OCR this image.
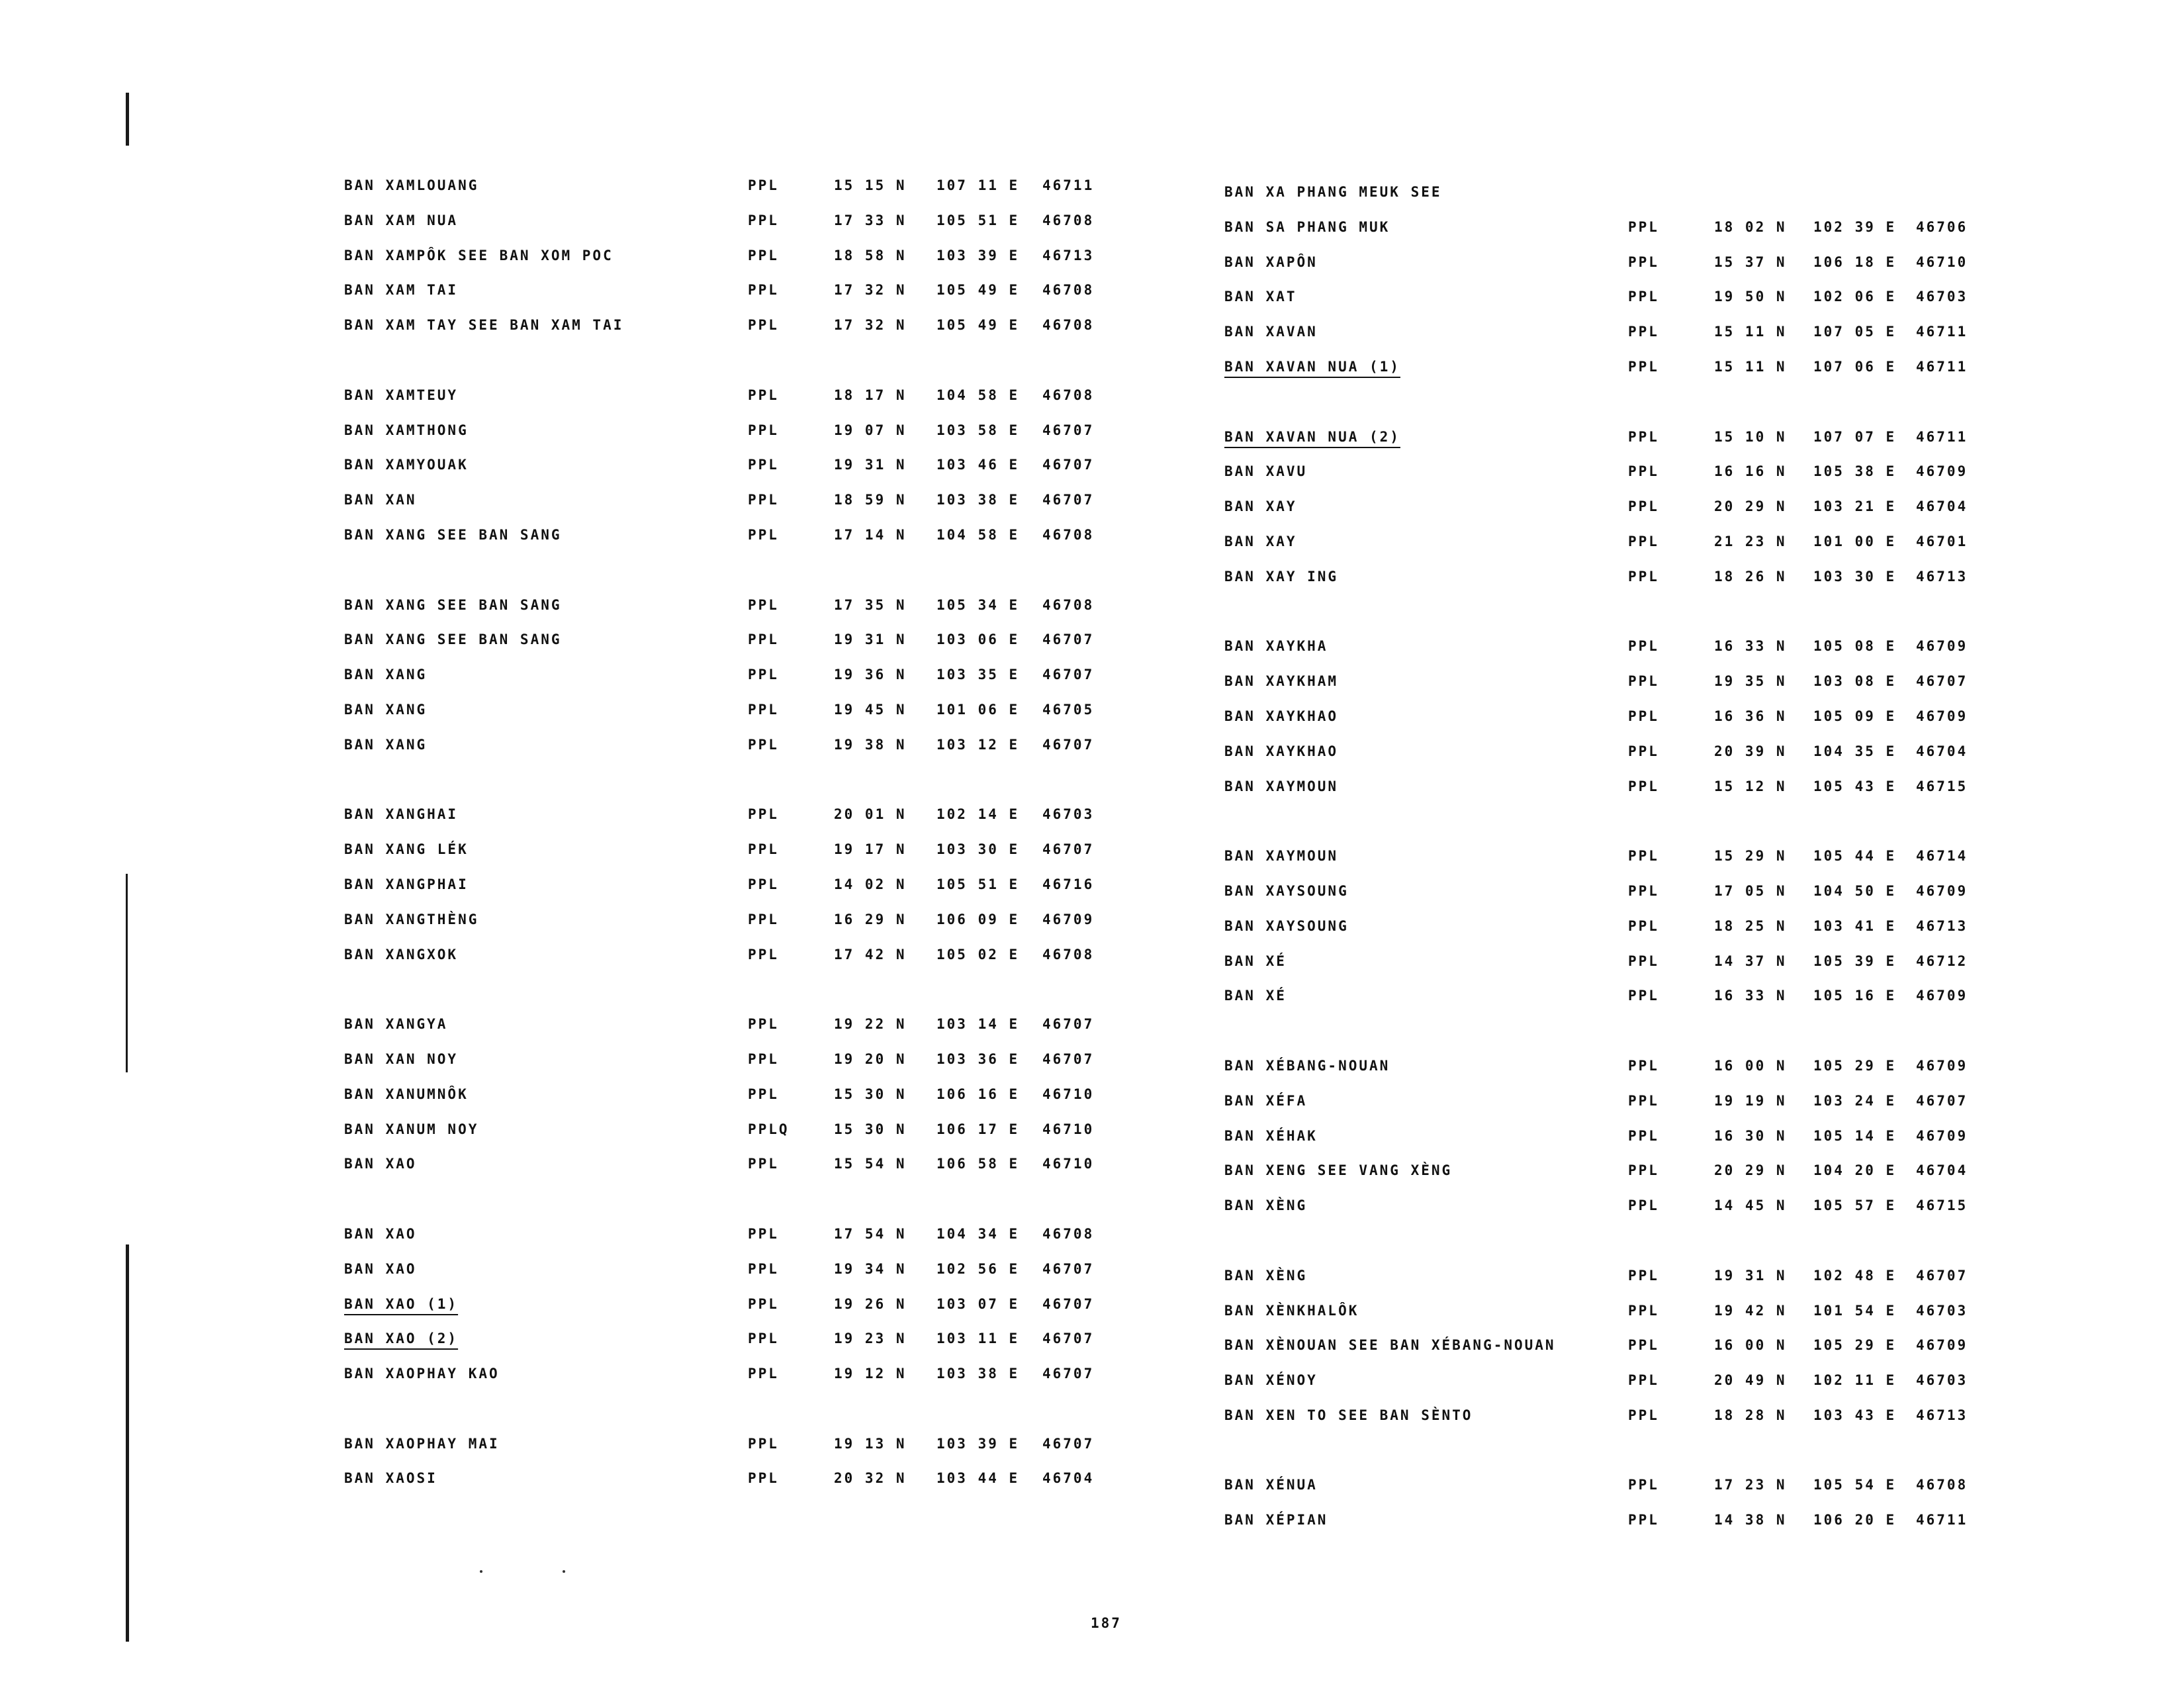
BAN XAMLOUANG	PPL	15 15 N 107 11 E 46711
BAN XAM NUA	PPL	17 33 N 105 51 E 46708
BAN XAMPÔK SEE BAN XOM POC	PPL	18 58 N 103 39 E 46713
BAN XAM TAI	PPL	17 32 N 105 49 E 46708
BAN XAM TAY SEE BAN XAM TAI	PPL	17 32 N 105 49 E 46708
BAN XAMTEUY	PPL	18 17 N 104 58 E 46708
BAN XAMTHONG	PPL	19 07 N 103 58 E 46707
BAN XAMYOUAK	PPL	19 31 N 103 46 E 46707
BAN XAN	PPL	18 59 N 103 38 E 46707
BAN XANG SEE BAN SANG	PPL	17 14 N 104 58 E 46708
BAN XANG SEE BAN SANG	PPL	17 35 N 105 34 E 46708
BAN XANG SEE BAN SANG	PPL	19 31 N 103 06 E 46707
BAN XANG	PPL	19 36 N 103 35 E 46707
BAN XANG	PPL	19 45 N 101 06 E 46705
BAN XANG	PPL	19 38 N 103 12 E 46707
BAN XANGHAI	PPL	20 01 N 102 14 E 46703
BAN XANG LÉK	PPL	19 17 N 103 30 E 46707
BAN XANGPHAI	PPL	14 02 N 105 51 E 46716
BAN XANGTHÈNG	PPL	16 29 N 106 09 E 46709
BAN XANGXOK	PPL	17 42 N 105 02 E 46708
BAN XANGYA	PPL	19 22 N 103 14 E 46707
BAN XAN NOY	PPL	19 20 N 103 36 E 46707
BAN XANUMNÔK	PPL	15 30 N 106 16 E 46710
BAN XANUM NOY	PPLQ	15 30 N 106 17 E 46710
BAN XAO	PPL	15 54 N 106 58 E 46710
BAN XAO	PPL	17 54 N 104 34 E 46708
BAN XAO	PPL	19 34 N 102 56 E 46707
BAN XAO (1)	PPL	19 26 N 103 07 E 46707
BAN XAO (2)	PPL	19 23 N 103 11 E 46707
BAN XAOPHAY KAO	PPL	19 12 N 103 38 E 46707
BAN XAOPHAY MAI	PPL	19 13 N 103 39 E 46707
BAN XAOSI	PPL	20 32 N 103 44 E 46704
BAN XA PHANG MEUK SEE
BAN SA PHANG MUK	PPL	18 02 N 102 39 E 46706
BAN XAPÔN	PPL	15 37 N 106 18 E 46710
BAN XAT	PPL	19 50 N 102 06 E 46703
BAN XAVAN	PPL	15 11 N 107 05 E 46711
BAN XAVAN NUA (1)	PPL	15 11 N 107 06 E 46711
BAN XAVAN NUA (2)	PPL	15 10 N 107 07 E 46711
BAN XAVU	PPL	16 16 N 105 38 E 46709
BAN XAY	PPL	20 29 N 103 21 E 46704
BAN XAY	PPL	21 23 N 101 00 E 46701
BAN XAY ING	PPL	18 26 N 103 30 E 46713
BAN XAYKHA	PPL	16 33 N 105 08 E 46709
BAN XAYKHAM	PPL	19 35 N 103 08 E 46707
BAN XAYKHAO	PPL	16 36 N 105 09 E 46709
BAN XAYKHAO	PPL	20 39 N 104 35 E 46704
BAN XAYMOUN	PPL	15 12 N 105 43 E 46715
BAN XAYMOUN	PPL	15 29 N 105 44 E 46714
BAN XAYSOUNG	PPL	17 05 N 104 50 E 46709
BAN XAYSOUNG	PPL	18 25 N 103 41 E 46713
BAN XÉ	PPL	14 37 N 105 39 E 46712
BAN XÉ	PPL	16 33 N 105 16 E 46709
BAN XÉBANG-NOUAN	PPL	16 00 N 105 29 E 46709
BAN XÉFA	PPL	19 19 N 103 24 E 46707
BAN XÉHAK	PPL	16 30 N 105 14 E 46709
BAN XENG SEE VANG XÈNG	PPL	20 29 N 104 20 E 46704
BAN XÈNG	PPL	14 45 N 105 57 E 46715
BAN XÈNG	PPL	19 31 N 102 48 E 46707
BAN XÈNKHALÔK	PPL	19 42 N 101 54 E 46703
BAN XÈNOUAN SEE BAN XÉBANG-NOUAN	PPL	16 00 N 105 29 E 46709
BAN XÉNOY	PPL	20 49 N 102 11 E 46703
BAN XEN TO SEE BAN SÈNTO	PPL	18 28 N 103 43 E 46713
BAN XÉNUA	PPL	17 23 N 105 54 E 46708
BAN XÉPIAN	PPL	14 38 N 106 20 E 46711
187
